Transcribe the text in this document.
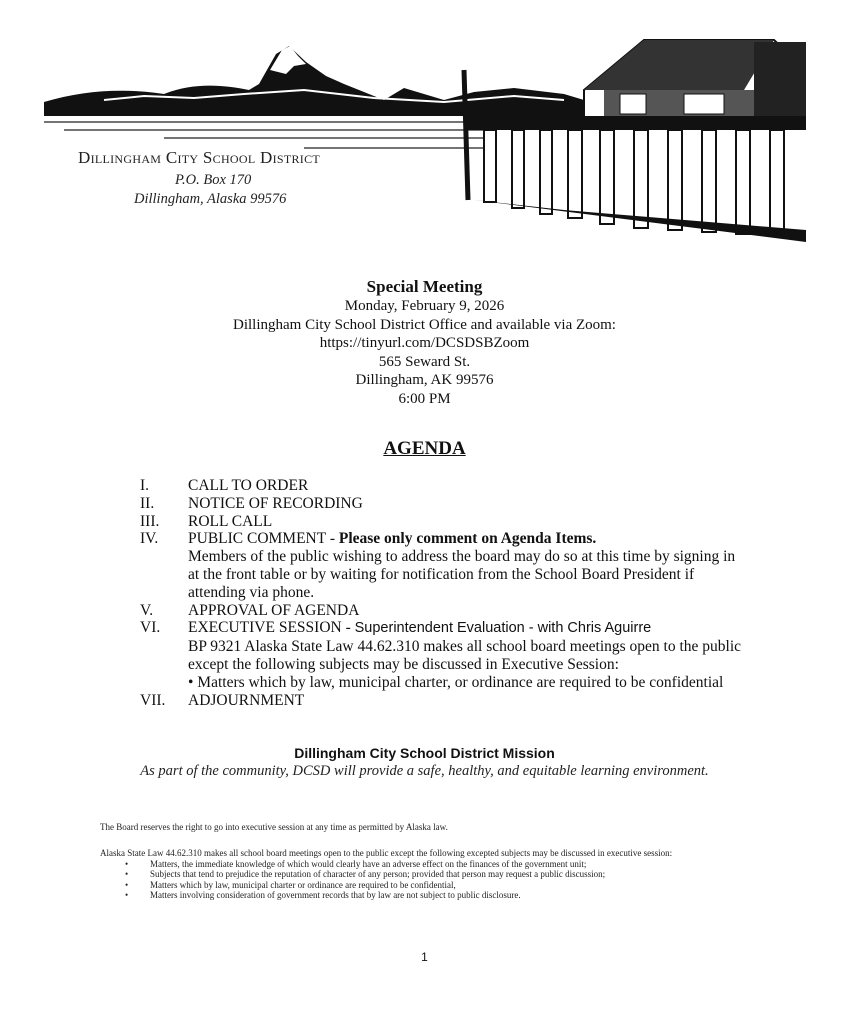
Dillingham City School District
P.O. Box 170
Dillingham, Alaska 99576
Special Meeting
Monday, February 9, 2026
Dillingham City School District Office and available via Zoom:
https://tinyurl.com/DCSDSBZoom
565 Seward St.
Dillingham, AK 99576
6:00 PM
AGENDA
I.	CALL TO ORDER
II.	NOTICE OF RECORDING
III.	ROLL CALL
IV.	PUBLIC COMMENT - Please only comment on Agenda Items.
Members of the public wishing to address the board may do so at this time by signing in at the front table or by waiting for notification from the School Board President if attending via phone.
V.	APPROVAL OF AGENDA
VI.	EXECUTIVE SESSION - Superintendent Evaluation - with Chris Aguirre
BP 9321 Alaska State Law 44.62.310 makes all school board meetings open to the public except the following subjects may be discussed in Executive Session:
• Matters which by law, municipal charter, or ordinance are required to be confidential
VII.	ADJOURNMENT
Dillingham City School District Mission
As part of the community, DCSD will provide a safe, healthy, and equitable learning environment.
The Board reserves the right to go into executive session at any time as permitted by Alaska law.
Alaska State Law 44.62.310 makes all school board meetings open to the public except the following excepted subjects may be discussed in executive session:
•	Matters, the immediate knowledge of which would clearly have an adverse effect on the finances of the government unit;
•	Subjects that tend to prejudice the reputation of character of any person; provided that person may request a public discussion;
•	Matters which by law, municipal charter or ordinance are required to be confidential,
•	Matters involving consideration of government records that by law are not subject to public disclosure.
1
